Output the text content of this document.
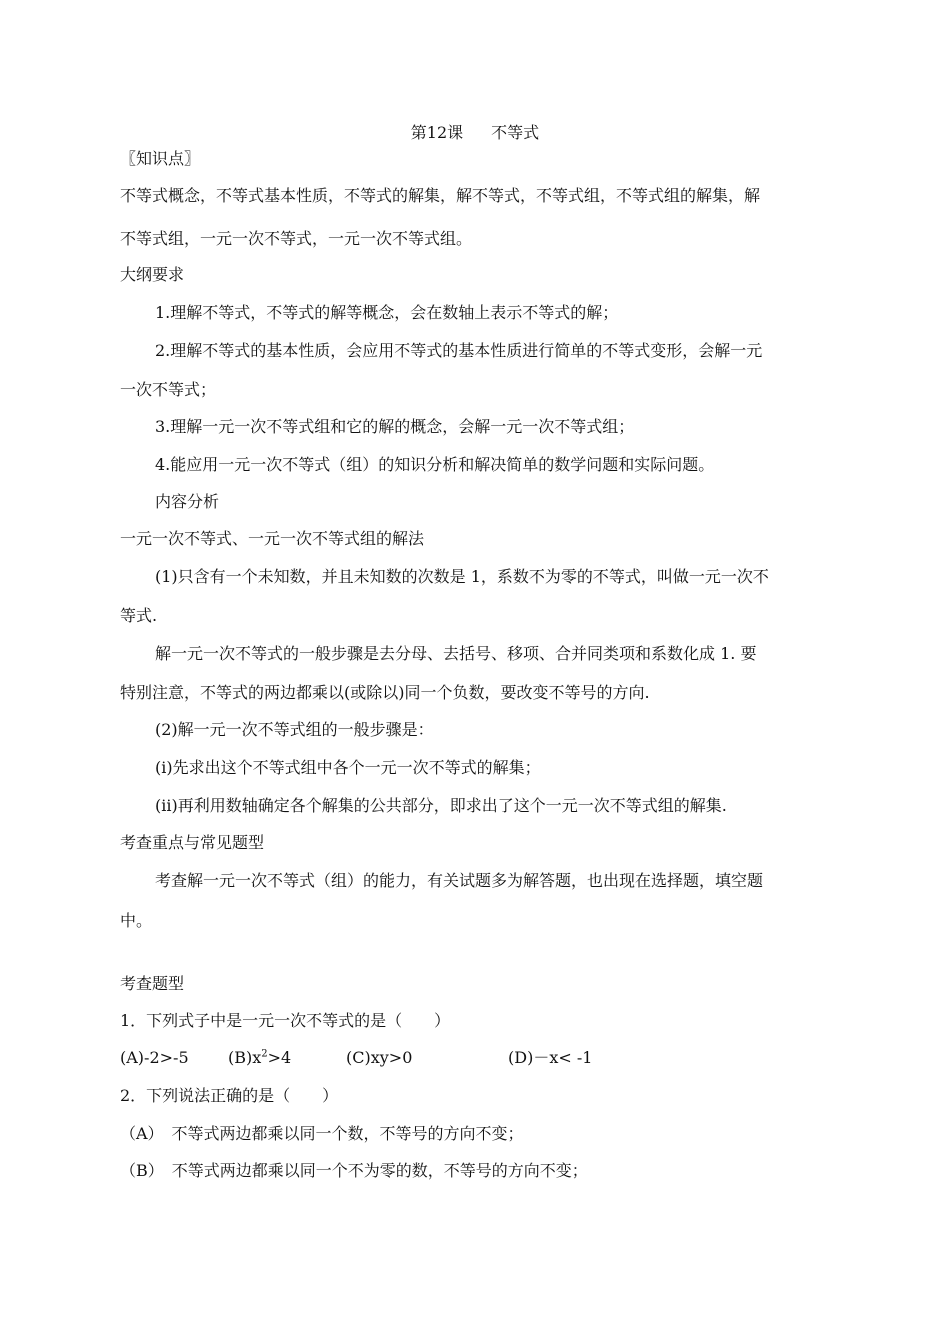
第12课 不等式
〖知识点〗
不等式概念，不等式基本性质，不等式的解集，解不等式，不等式组，不等式组的解集，解
不等式组，一元一次不等式，一元一次不等式组。
大纲要求
1.理解不等式，不等式的解等概念，会在数轴上表示不等式的解；
2.理解不等式的基本性质，会应用不等式的基本性质进行简单的不等式变形，会解一元
一次不等式；
3.理解一元一次不等式组和它的解的概念，会解一元一次不等式组；
4.能应用一元一次不等式（组）的知识分析和解决简单的数学问题和实际问题。
内容分析
一元一次不等式、一元一次不等式组的解法
(1)只含有一个未知数，并且未知数的次数是 1，系数不为零的不等式，叫做一元一次不
等式.
解一元一次不等式的一般步骤是去分母、去括号、移项、合并同类项和系数化成 1. 要
特别注意，不等式的两边都乘以(或除以)同一个负数，要改变不等号的方向.
(2)解一元一次不等式组的一般步骤是：
(i)先求出这个不等式组中各个一元一次不等式的解集；
(ii)再利用数轴确定各个解集的公共部分，即求出了这个一元一次不等式组的解集.
考查重点与常见题型
考查解一元一次不等式（组）的能力，有关试题多为解答题，也出现在选择题，填空题
中。
考查题型
1．下列式子中是一元一次不等式的是（　　）
(A)-2>-5 $(B)x^2>4$	(C)xy>0	(D)－x< -1
2．下列说法正确的是（　　）
（A）　不等式两边都乘以同一个数，不等号的方向不变；
（B）　不等式两边都乘以同一个不为零的数，不等号的方向不变；
